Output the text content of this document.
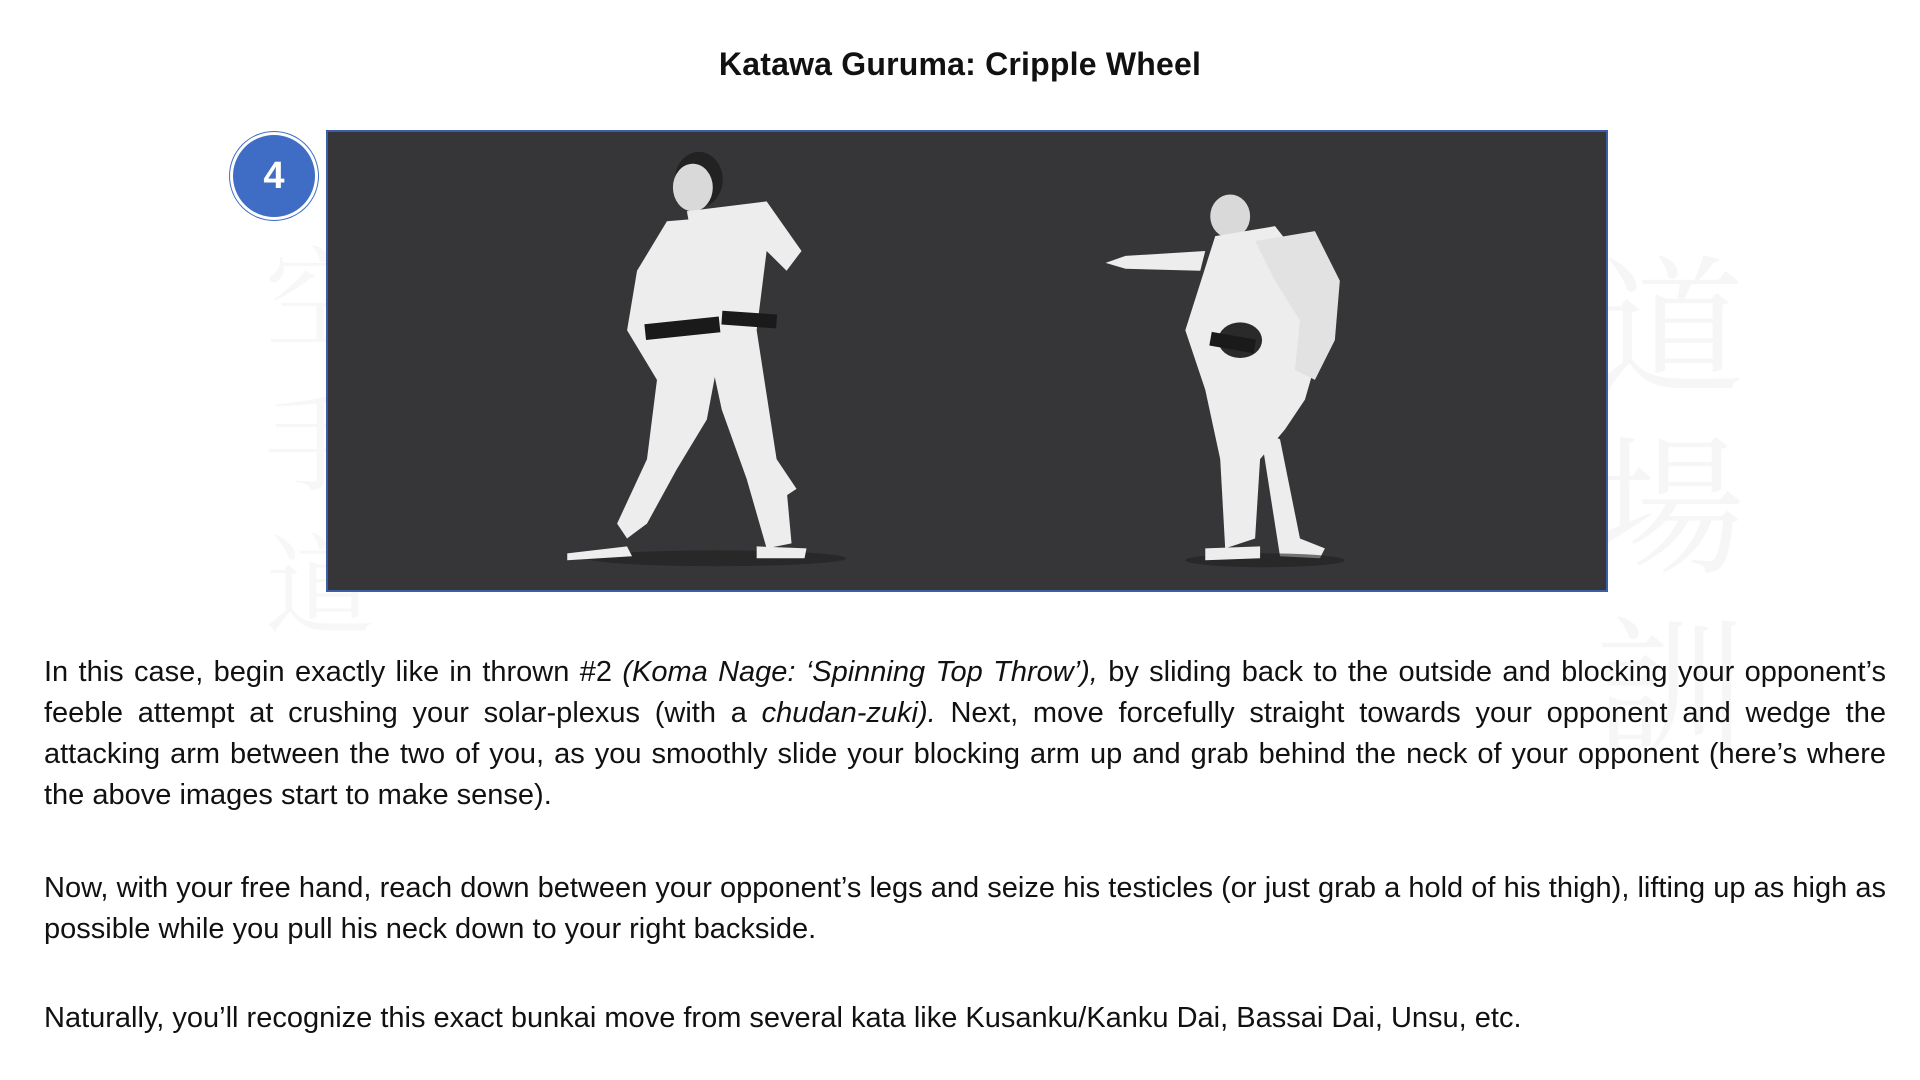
Katawa Guruma: Cripple Wheel
4
In this case, begin exactly like in thrown #2 (Koma Nage: ‘Spinning Top Throw’), by sliding back to the outside and blocking your opponent’s feeble attempt at crushing your solar-plexus (with a chudan-zuki). Next, move forcefully straight towards your opponent and wedge the attacking arm between the two of you, as you smoothly slide your blocking arm up and grab behind the neck of your opponent (here’s where the above images start to make sense).
Now, with your free hand, reach down between your opponent’s legs and seize his testicles (or just grab a hold of his thigh), lifting up as high as possible while you pull his neck down to your right backside.
Naturally, you’ll recognize this exact bunkai move from several kata like Kusanku/Kanku Dai, Bassai Dai, Unsu, etc.
